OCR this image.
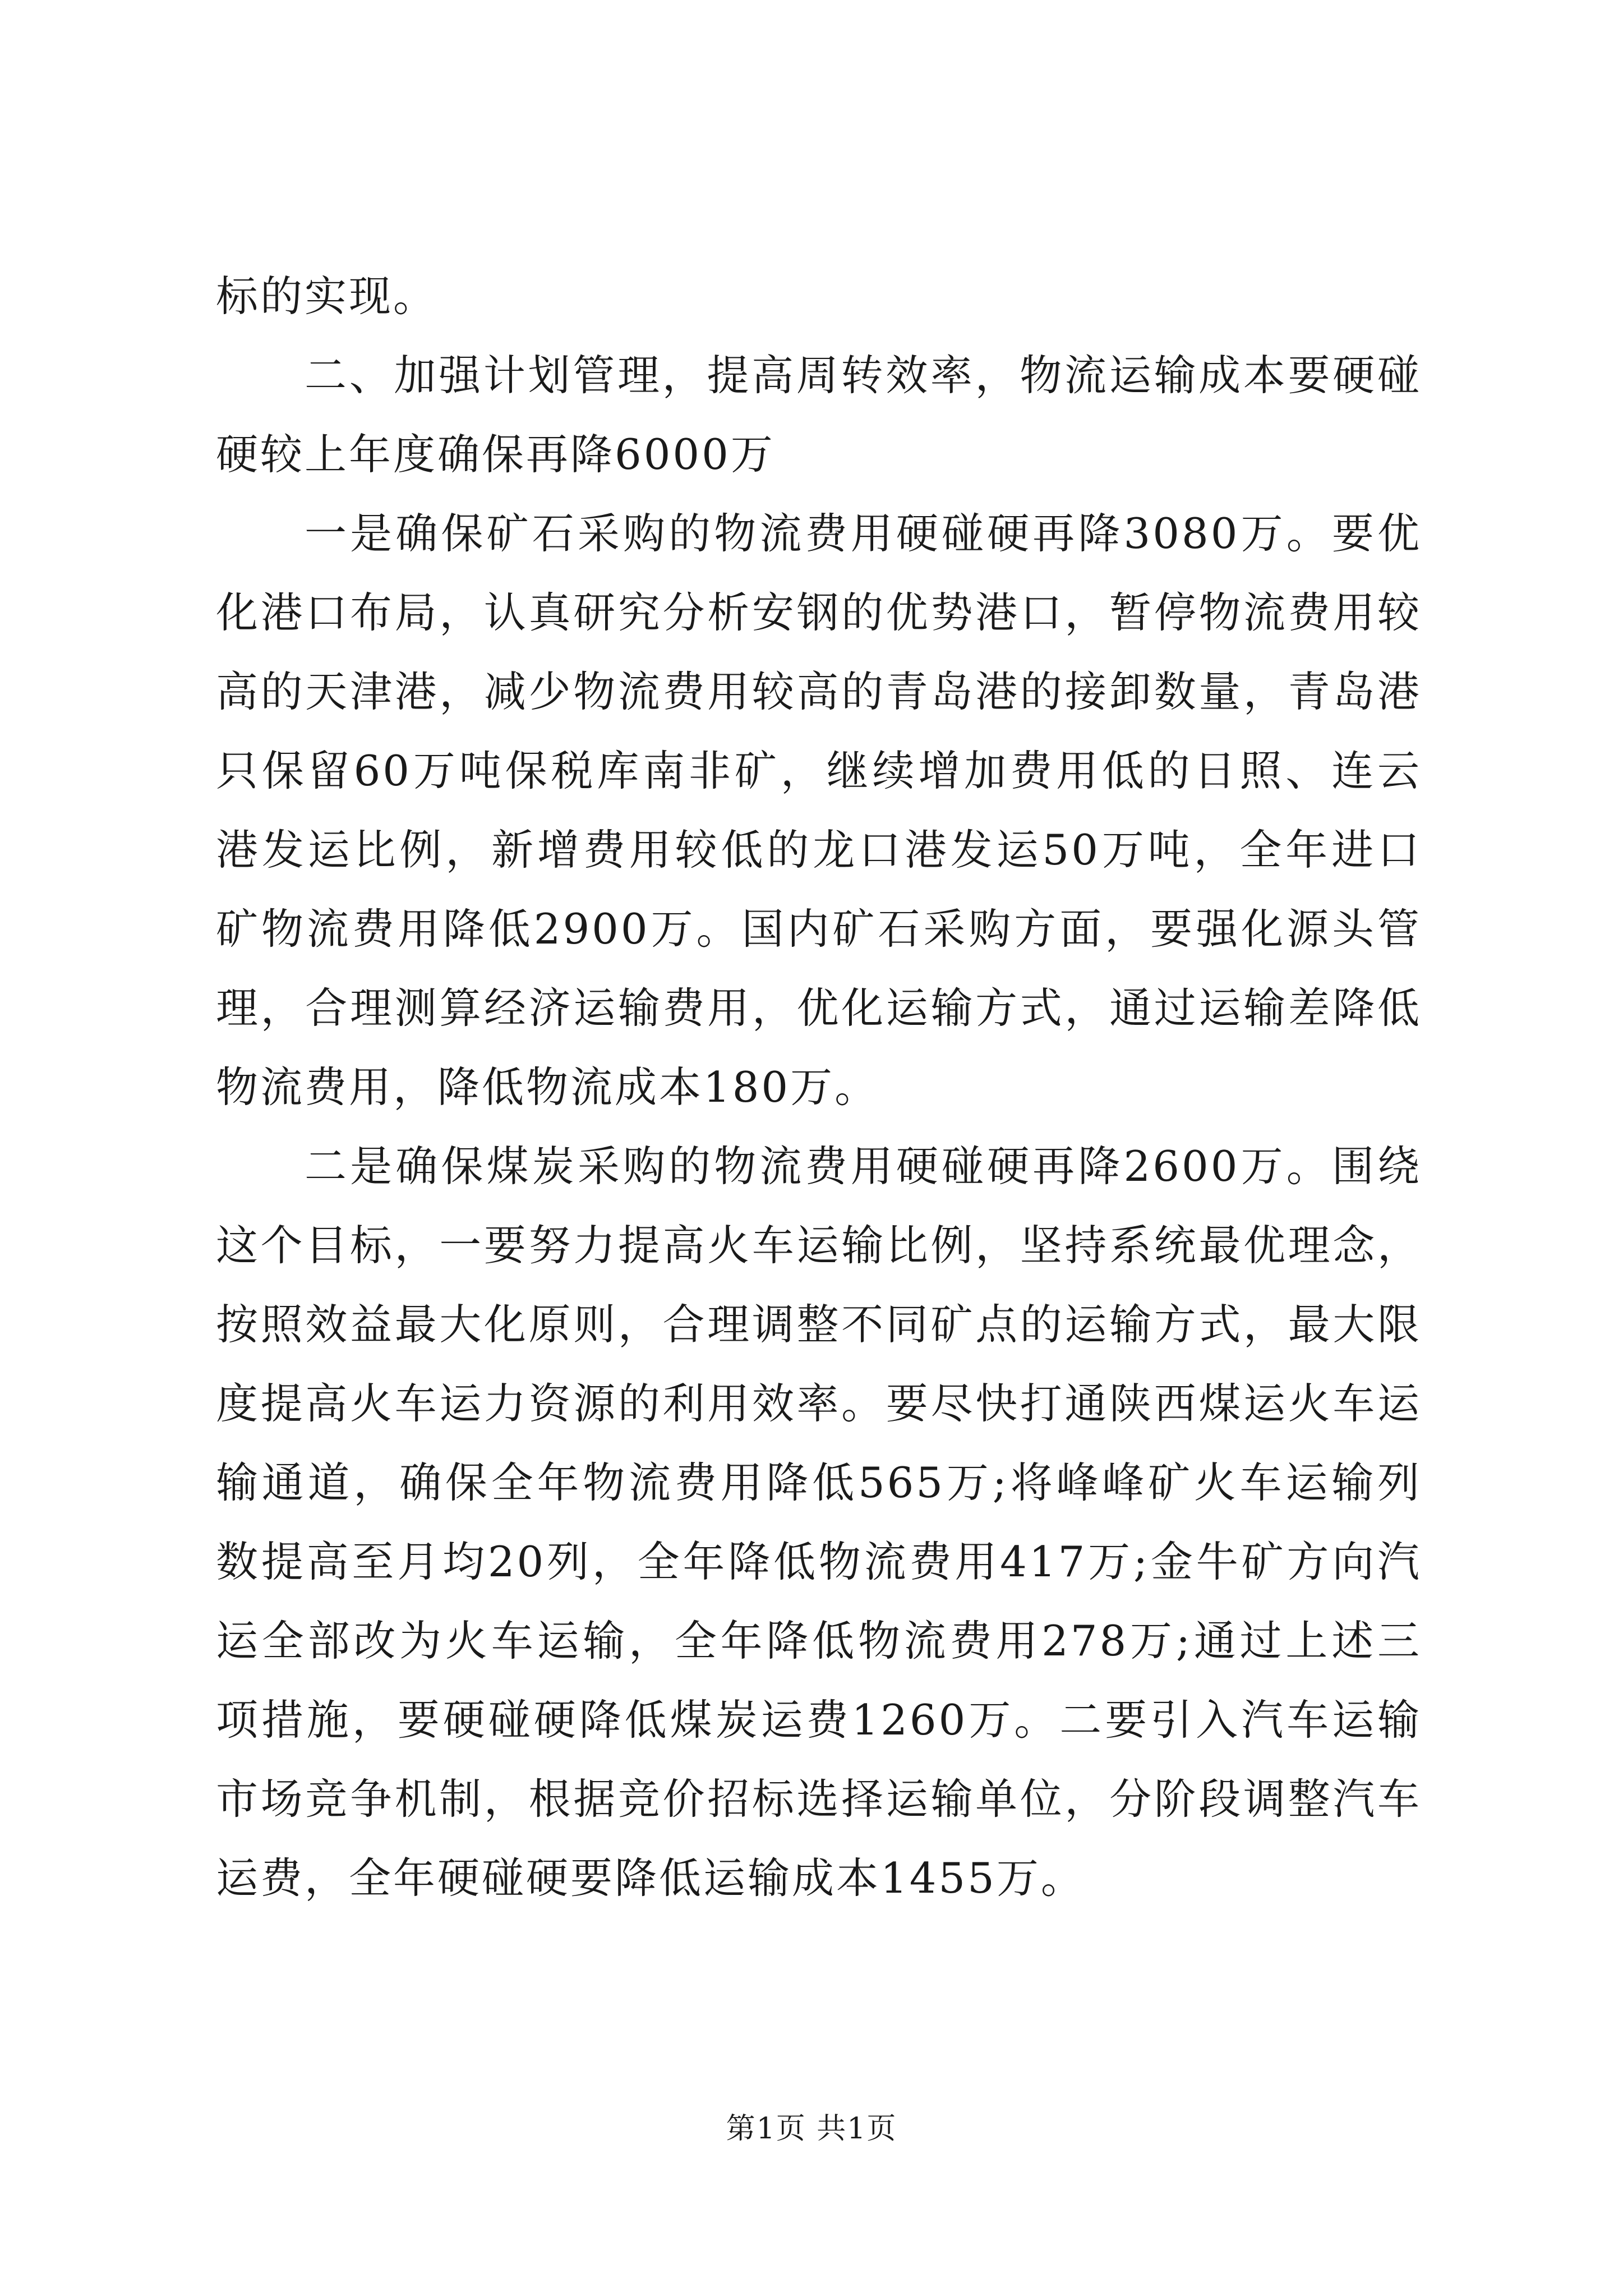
标的实现。

二、加强计划管理，提高周转效率，物流运输成本要硬碰硬较上年度确保再降6000万

一是确保矿石采购的物流费用硬碰硬再降3080万。要优化港口布局，认真研究分析安钢的优势港口，暂停物流费用较高的天津港，减少物流费用较高的青岛港的接卸数量，青岛港只保留60万吨保税库南非矿，继续增加费用低的日照、连云港发运比例，新增费用较低的龙口港发运50万吨，全年进口矿物流费用降低2900万。国内矿石采购方面，要强化源头管理，合理测算经济运输费用，优化运输方式，通过运输差降低物流费用，降低物流成本180万。

二是确保煤炭采购的物流费用硬碰硬再降2600万。围绕这个目标，一要努力提高火车运输比例，坚持系统最优理念，按照效益最大化原则，合理调整不同矿点的运输方式，最大限度提高火车运力资源的利用效率。要尽快打通陕西煤运火车运输通道，确保全年物流费用降低565万;将峰峰矿火车运输列数提高至月均20列，全年降低物流费用417万;金牛矿方向汽运全部改为火车运输，全年降低物流费用278万;通过上述三项措施，要硬碰硬降低煤炭运费1260万。二要引入汽车运输市场竞争机制，根据竞价招标选择运输单位，分阶段调整汽车运费，全年硬碰硬要降低运输成本1455万。

第1页 共1页
